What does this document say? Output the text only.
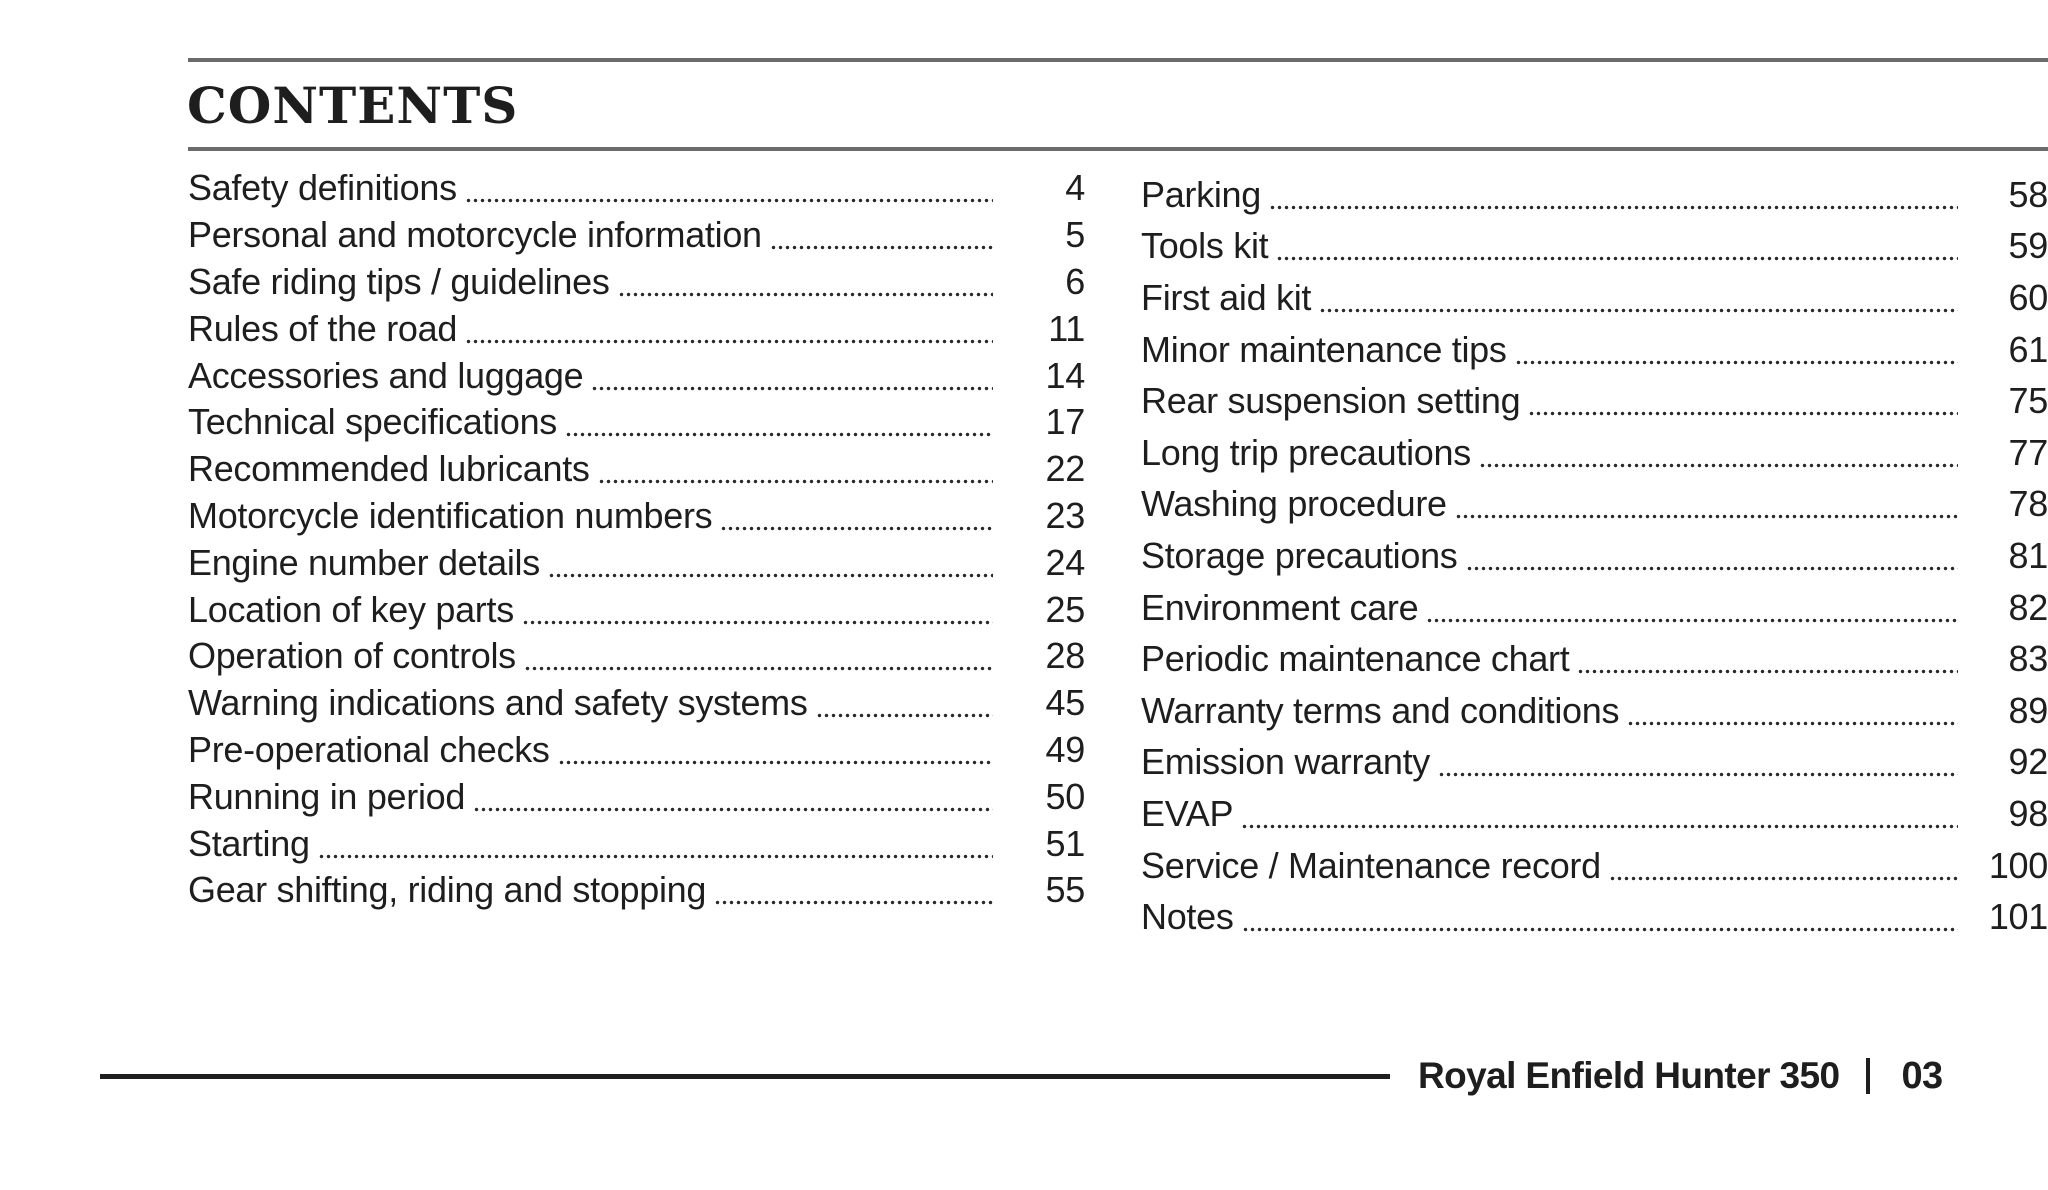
CONTENTS
Safety definitions	4
Personal and motorcycle information	5
Safe riding tips / guidelines	6
Rules of the road	11
Accessories and luggage	14
Technical specifications	17
Recommended lubricants	22
Motorcycle identification numbers	23
Engine number details	24
Location of key parts	25
Operation of controls	28
Warning indications and safety systems	45
Pre-operational checks	49
Running in period	50
Starting	51
Gear shifting, riding and stopping	55
Parking	58
Tools kit	59
First aid kit	60
Minor maintenance tips	61
Rear suspension setting	75
Long trip precautions	77
Washing procedure	78
Storage precautions	81
Environment care	82
Periodic maintenance chart	83
Warranty terms and conditions	89
Emission warranty	92
EVAP	98
Service / Maintenance record	100
Notes	101
Royal Enfield Hunter 350 03
